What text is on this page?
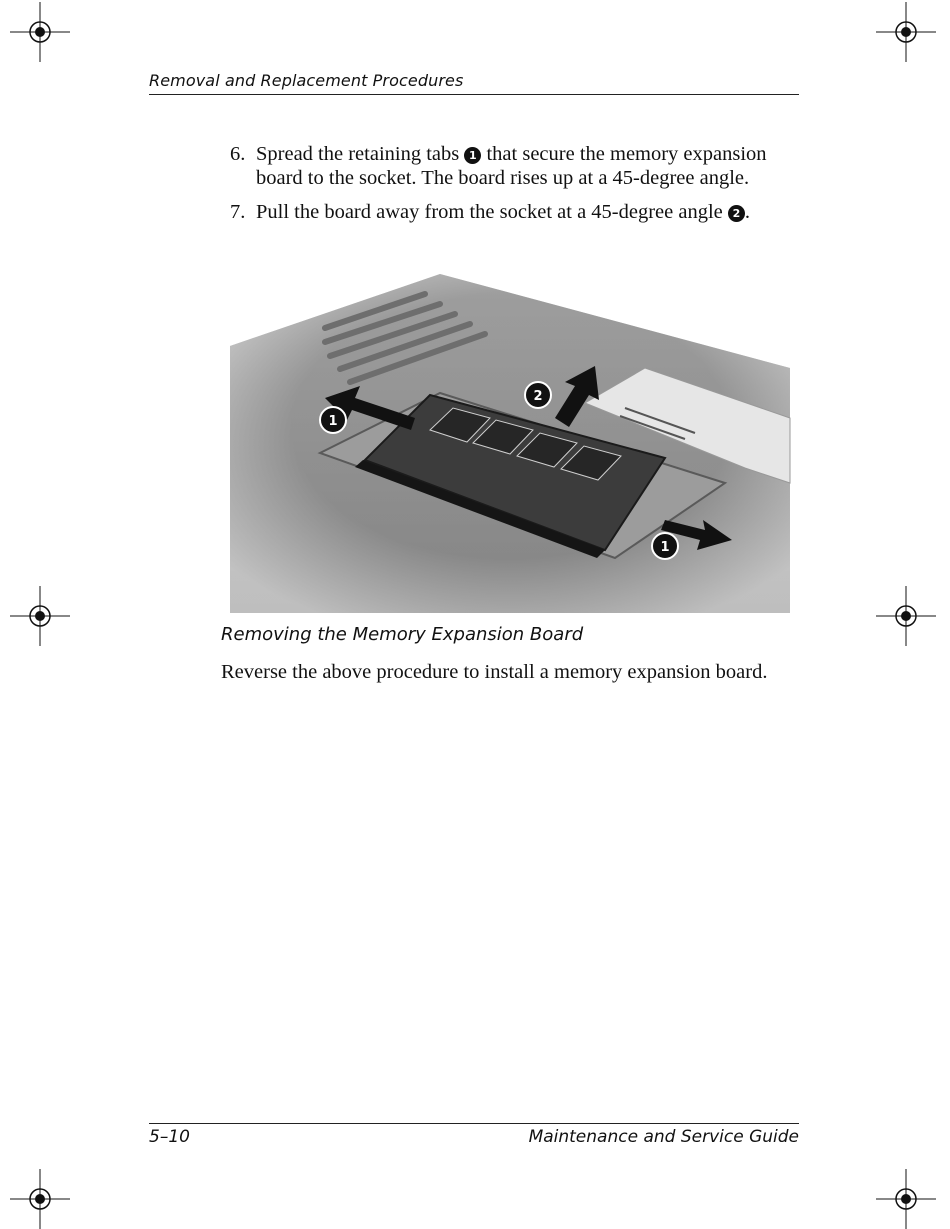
Removal and Replacement Procedures
6. Spread the retaining tabs 1 that secure the memory expansion board to the socket. The board rises up at a 45-degree angle.
7. Pull the board away from the socket at a 45-degree angle 2 .
1
2
1
Removing the Memory Expansion Board
Reverse the above procedure to install a memory expansion board.
5–10	Maintenance and Service Guide
